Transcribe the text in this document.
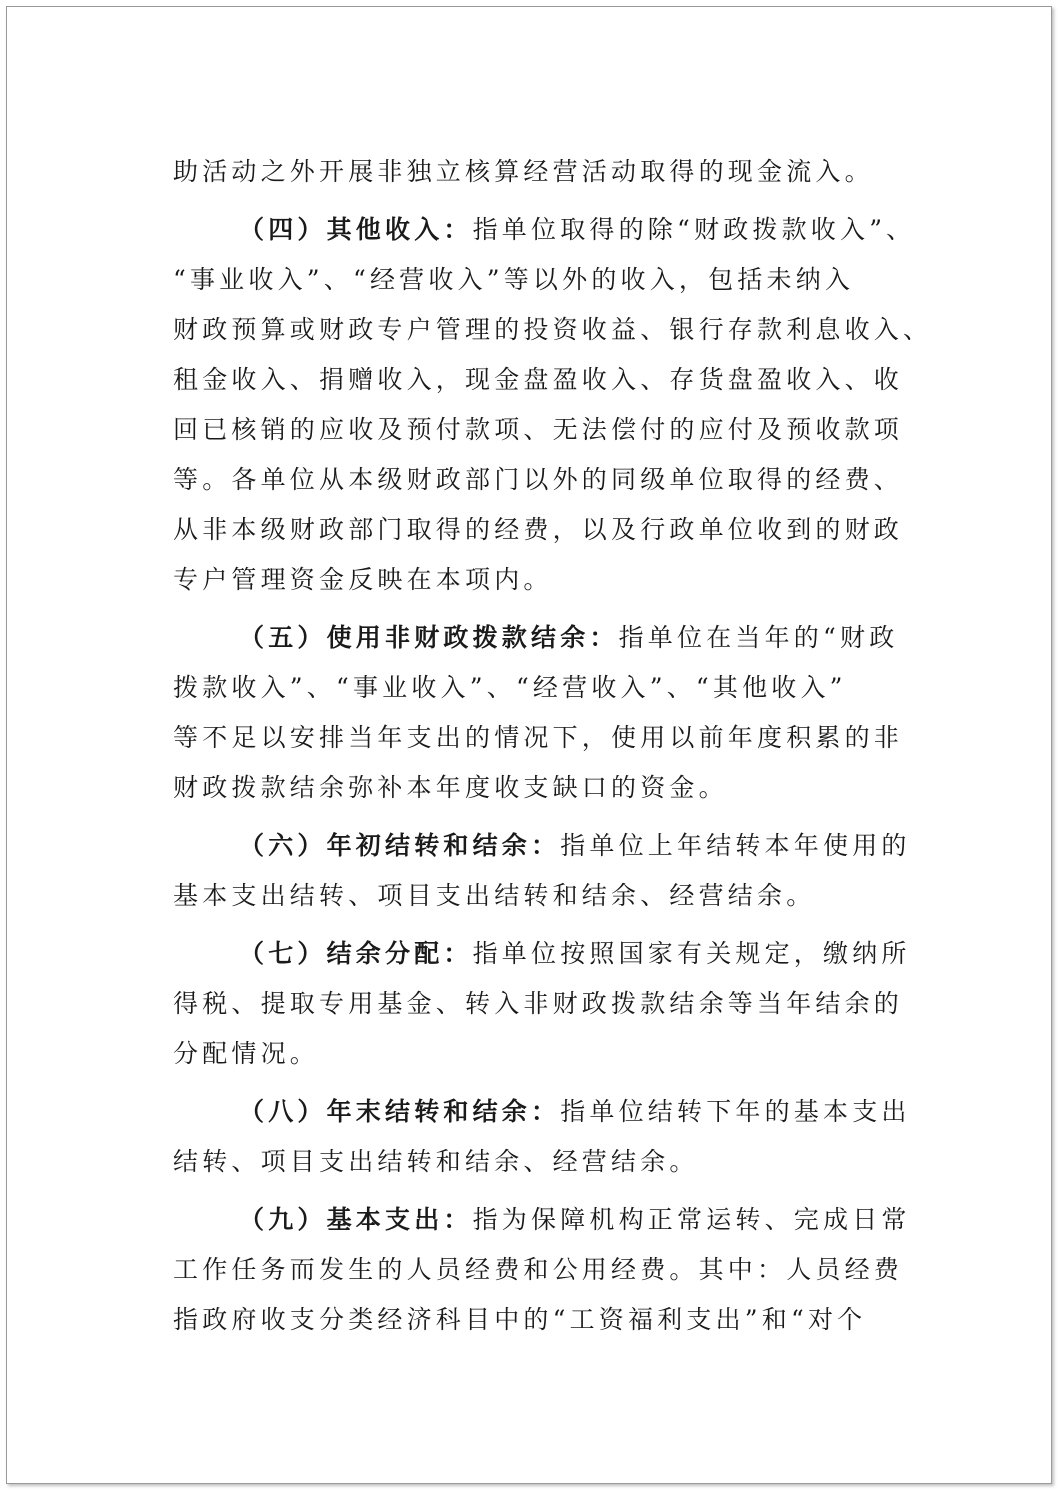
助活动之外开展非独立核算经营活动取得的现金流入。

（四）其他收入：指单位取得的除“财政拨款收入”、
“事业收入”、“经营收入”等以外的收入，包括未纳入
财政预算或财政专户管理的投资收益、银行存款利息收入、
租金收入、捐赠收入，现金盘盈收入、存货盘盈收入、收
回已核销的应收及预付款项、无法偿付的应付及预收款项
等。各单位从本级财政部门以外的同级单位取得的经费、
从非本级财政部门取得的经费，以及行政单位收到的财政
专户管理资金反映在本项内。

（五）使用非财政拨款结余：指单位在当年的“财政
拨款收入”、“事业收入”、“经营收入”、“其他收入”
等不足以安排当年支出的情况下，使用以前年度积累的非
财政拨款结余弥补本年度收支缺口的资金。

（六）年初结转和结余：指单位上年结转本年使用的
基本支出结转、项目支出结转和结余、经营结余。

（七）结余分配：指单位按照国家有关规定，缴纳所
得税、提取专用基金、转入非财政拨款结余等当年结余的
分配情况。

（八）年末结转和结余：指单位结转下年的基本支出
结转、项目支出结转和结余、经营结余。

（九）基本支出：指为保障机构正常运转、完成日常
工作任务而发生的人员经费和公用经费。其中：人员经费
指政府收支分类经济科目中的“工资福利支出”和“对个
